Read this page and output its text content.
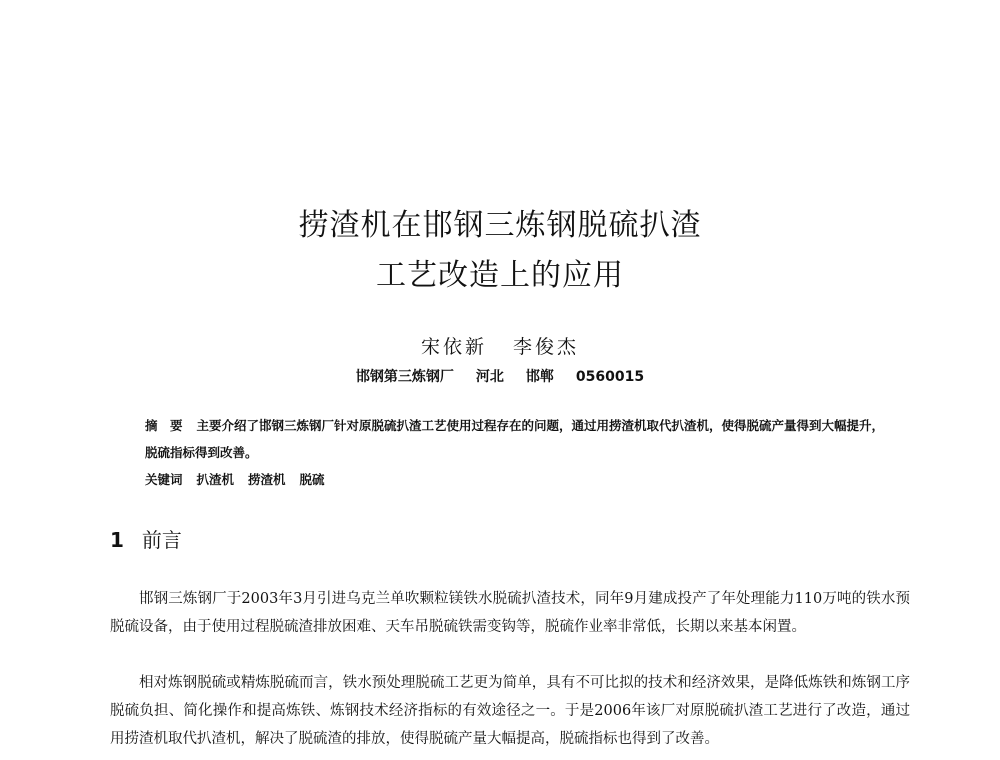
捞渣机在邯钢三炼钢脱硫扒渣
工艺改造上的应用
宋依新 李俊杰
邯钢第三炼钢厂 河北 邯郸 0560015
摘　要 主要介绍了邯钢三炼钢厂针对原脱硫扒渣工艺使用过程存在的问题，通过用捞渣机取代扒渣机，使得脱硫产量得到大幅提升，脱硫指标得到改善。
关键词 扒渣机 捞渣机 脱硫
1 前言

邯钢三炼钢厂于2003年3月引进乌克兰单吹颗粒镁铁水脱硫扒渣技术，同年9月建成投产了年处理能力110万吨的铁水预脱硫设备，由于使用过程脱硫渣排放困难、天车吊脱硫铁需变钩等，脱硫作业率非常低，长期以来基本闲置。

相对炼钢脱硫或精炼脱硫而言，铁水预处理脱硫工艺更为简单，具有不可比拟的技术和经济效果，是降低炼铁和炼钢工序脱硫负担、简化操作和提高炼铁、炼钢技术经济指标的有效途径之一。于是2006年该厂对原脱硫扒渣工艺进行了改造，通过用捞渣机取代扒渣机，解决了脱硫渣的排放，使得脱硫产量大幅提高，脱硫指标也得到了改善。
